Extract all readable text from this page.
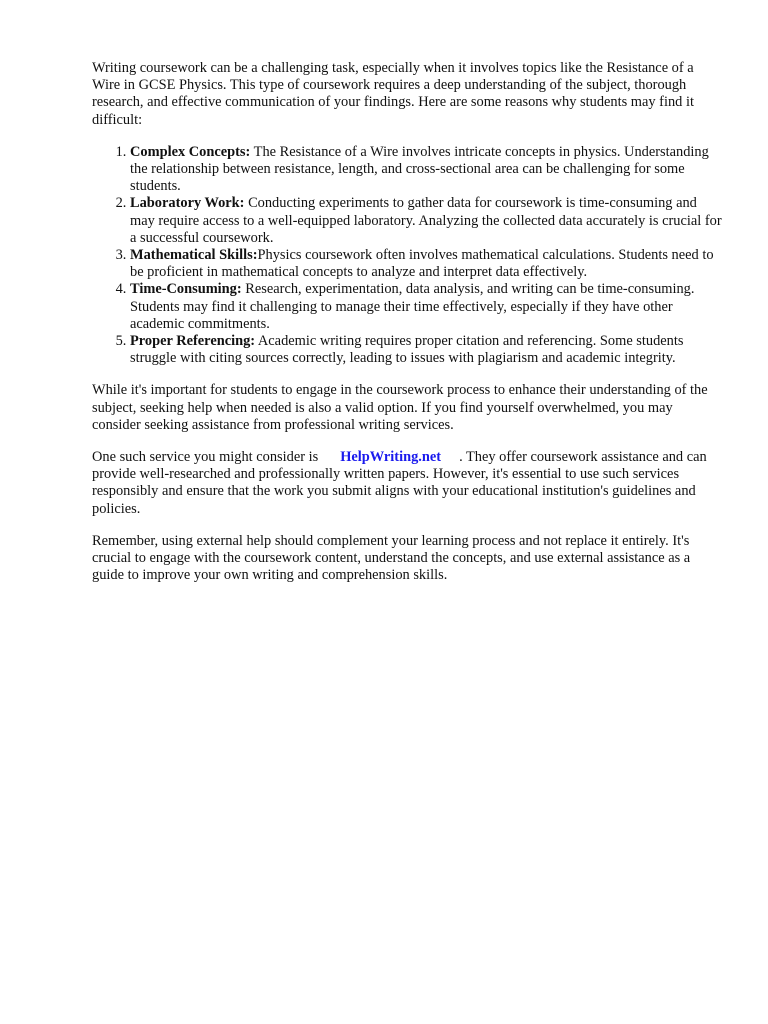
Writing coursework can be a challenging task, especially when it involves topics like the Resistance of a Wire in GCSE Physics. This type of coursework requires a deep understanding of the subject, thorough research, and effective communication of your findings. Here are some reasons why students may find it difficult:

1. Complex Concepts: The Resistance of a Wire involves intricate concepts in physics. Understanding the relationship between resistance, length, and cross-sectional area can be challenging for some students.
2. Laboratory Work: Conducting experiments to gather data for coursework is time-consuming and may require access to a well-equipped laboratory. Analyzing the collected data accurately is crucial for a successful coursework.
3. Mathematical Skills:Physics coursework often involves mathematical calculations. Students need to be proficient in mathematical concepts to analyze and interpret data effectively.
4. Time-Consuming: Research, experimentation, data analysis, and writing can be time-consuming. Students may find it challenging to manage their time effectively, especially if they have other academic commitments.
5. Proper Referencing: Academic writing requires proper citation and referencing. Some students struggle with citing sources correctly, leading to issues with plagiarism and academic integrity.

While it's important for students to engage in the coursework process to enhance their understanding of the subject, seeking help when needed is also a valid option. If you find yourself overwhelmed, you may consider seeking assistance from professional writing services.

One such service you might consider is HelpWriting.net . They offer coursework assistance and can provide well-researched and professionally written papers. However, it's essential to use such services responsibly and ensure that the work you submit aligns with your educational institution's guidelines and policies.

Remember, using external help should complement your learning process and not replace it entirely. It's crucial to engage with the coursework content, understand the concepts, and use external assistance as a guide to improve your own writing and comprehension skills.
